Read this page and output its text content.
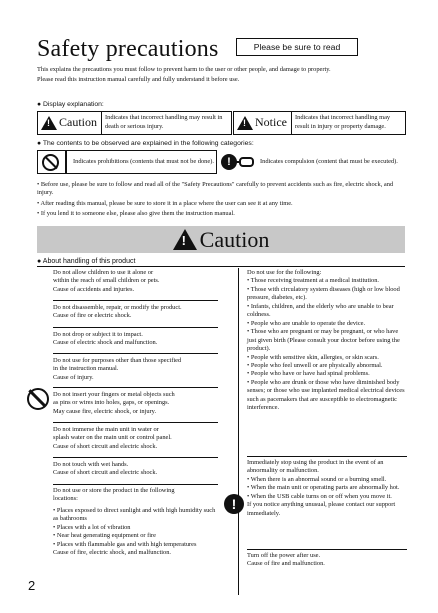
Safety precautions	Please be sure to read

This explains the precautions you must follow to prevent harm to the user or other people, and damage to property.

Please read this instruction manual carefully and fully understand it before use.

● Display explanation:
!
Caution	Indicates that incorrect handling may result in death or serious injury.
!	Notice	Indicates that incorrect handling may result in injury or property damage.
● The contents to be observed are explained in the following categories:
Indicates prohibitions (contents that must not be done).	!	Indicates compulsion (content that must be executed).

• Before use, please be sure to follow and read all of the "Safety Precautions" carefully to prevent accidents such as fire, electric shock, and injury.

• After reading this manual, please be sure to store it in a place where the user can see it at any time.

• If you lend it to someone else, please also give them the instruction manual.

!
Caution
● About handling of this product

Do not allow children to use it alone or

within the reach of small children or pets.

Cause of accidents and injuries.

Do not disassemble, repair, or modify the product.

Cause of fire or electric shock.

Do not drop or subject it to impact.

Cause of electric shock and malfunction.

Do not use for purposes other than those specified

in the instruction manual.

Cause of injury.

Do not insert your fingers or metal objects such

as pins or wires into holes, gaps, or openings.

May cause fire, electric shock, or injury.

Do not immerse the main unit in water or

splash water on the main unit or control panel.

Cause of short circuit and electric shock.

Do not touch with wet hands.

Cause of short circuit and electric shock.

Do not use or store the product in the following

locations:

• Places exposed to direct sunlight and with high humidity such as bathrooms

• Places with a lot of vibration

• Near heat generating equipment or fire

• Places with flammable gas and with high temperatures

Cause of fire, electric shock, and malfunction.

Do not use for the following:

• Those receiving treatment at a medical institution.

• Those with circulatory system diseases (high or low blood pressure, diabetes, etc).

• Infants, children, and the elderly who are unable to bear coldness.

• People who are unable to operate the device.

• Those who are pregnant or may be pregnant, or who have just given birth (Please consult your doctor before using the product).

• People with sensitive skin, allergies, or skin scars.

• People who feel unwell or are physically abnormal.

• People who have or have had spinal problems.

• People who are drunk or those who have diminished body senses; or those who use implanted medical electrical devices such as pacemakers that are susceptible to electromagnetic interference.

!

Immediately stop using the product in the event of an abnormality or malfunction.

• When there is an abnormal sound or a burning smell.

• When the main unit or operating parts are abnormally hot.

• When the USB cable turns on or off when you move it.

If you notice anything unusual, please contact our support immediately.

Turn off the power after use.

Cause of fire and malfunction.

2
